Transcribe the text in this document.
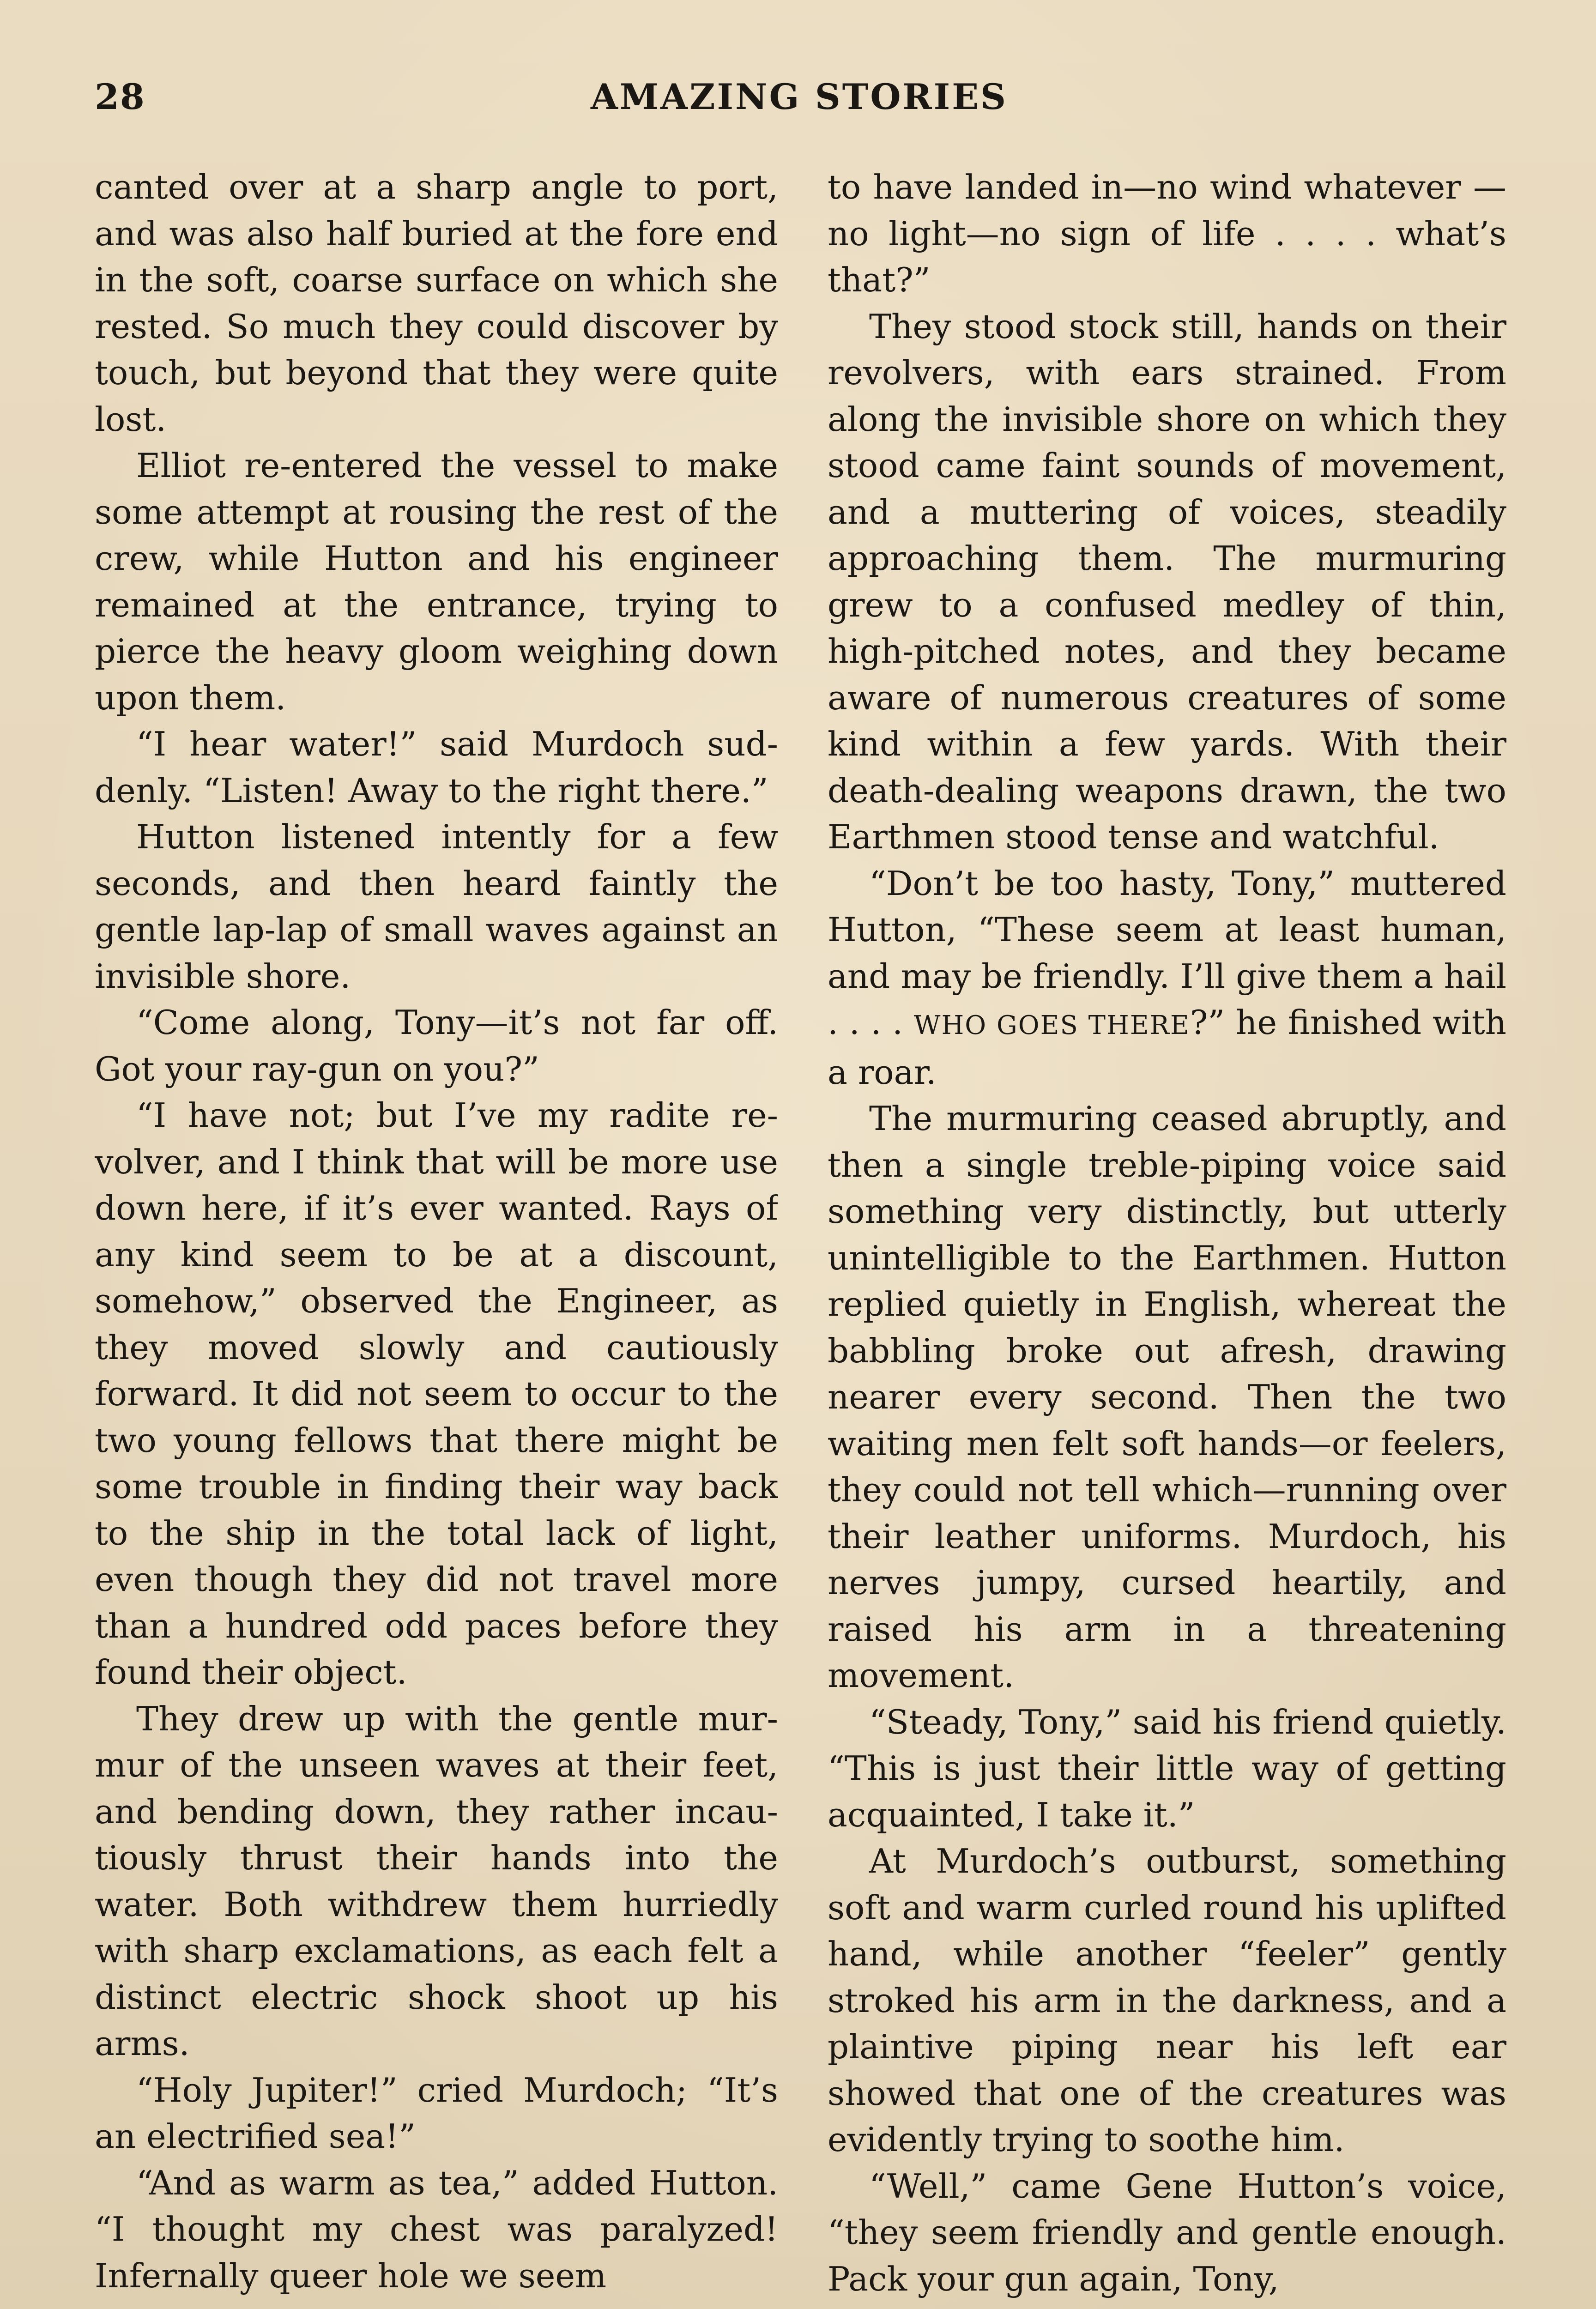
28	AMAZING STORIES

canted over at a sharp angle to port, and was also half buried at the fore end in the soft, coarse surface on which she rested. So much they could discover by touch, but beyond that they were quite lost.

Elliot re-entered the vessel to make some attempt at rousing the rest of the crew, while Hutton and his engineer remained at the entrance, trying to pierce the heavy gloom weighing down upon them.

“I hear water!” said Murdoch suddenly. “Listen! Away to the right there.”

Hutton listened intently for a few seconds, and then heard faintly the gentle lap-lap of small waves against an invisible shore.

“Come along, Tony—it’s not far off. Got your ray-gun on you?”

“I have not; but I’ve my radite revolver, and I think that will be more use down here, if it’s ever wanted. Rays of any kind seem to be at a discount, somehow,” observed the Engineer, as they moved slowly and cautiously forward. It did not seem to occur to the two young fellows that there might be some trouble in finding their way back to the ship in the total lack of light, even though they did not travel more than a hundred odd paces before they found their object.

They drew up with the gentle murmur of the unseen waves at their feet, and bending down, they rather incautiously thrust their hands into the water. Both withdrew them hurriedly with sharp exclamations, as each felt a distinct electric shock shoot up his arms.

“Holy Jupiter!” cried Murdoch; “It’s an electrified sea!”

“And as warm as tea,” added Hutton. “I thought my chest was paralyzed! Infernally queer hole we seem

to have landed in—no wind whatever —no light—no sign of life . . . . what’s that?”

They stood stock still, hands on their revolvers, with ears strained. From along the invisible shore on which they stood came faint sounds of movement, and a muttering of voices, steadily approaching them. The murmuring grew to a confused medley of thin, high-pitched notes, and they became aware of numerous creatures of some kind within a few yards. With their death-dealing weapons drawn, the two Earthmen stood tense and watchful.

“Don’t be too hasty, Tony,” muttered Hutton, “These seem at least human, and may be friendly. I’ll give them a hail . . . . WHO GOES THERE?” he finished with a roar.

The murmuring ceased abruptly, and then a single treble-piping voice said something very distinctly, but utterly unintelligible to the Earthmen. Hutton replied quietly in English, whereat the babbling broke out afresh, drawing nearer every second. Then the two waiting men felt soft hands—or feelers, they could not tell which—running over their leather uniforms. Murdoch, his nerves jumpy, cursed heartily, and raised his arm in a threatening movement.

“Steady, Tony,” said his friend quietly. “This is just their little way of getting acquainted, I take it.”

At Murdoch’s outburst, something soft and warm curled round his uplifted hand, while another “feeler” gently stroked his arm in the darkness, and a plaintive piping near his left ear showed that one of the creatures was evidently trying to soothe him.

“Well,” came Gene Hutton’s voice, “they seem friendly and gentle enough. Pack your gun again, Tony,
